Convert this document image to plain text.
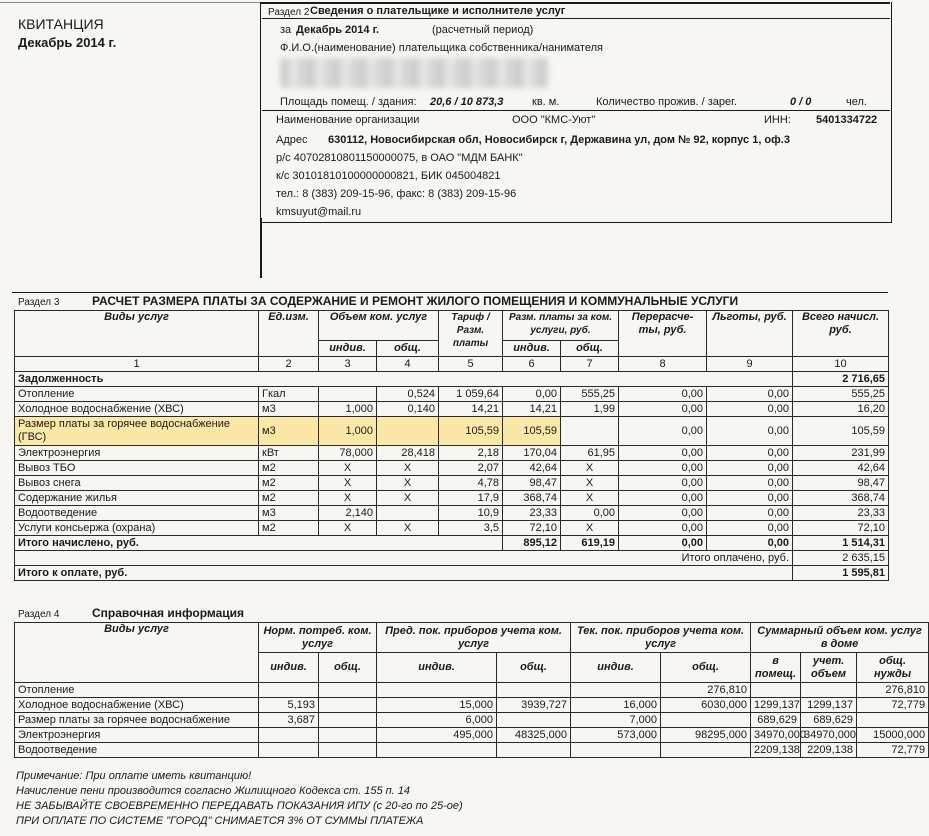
КВИТАНЦИЯ
Декабрь 2014 г.
Раздел 2 Сведения о плательщике и исполнителе услуг
за Декабрь 2014 г.	(расчетный период)
Ф.И.О.(наименование) плательщика собственника/нанимателя
Площадь помещ. / здания: 20,6 / 10 873,3	кв. м.	Количество прожив. / зарег.	0 / 0	чел.
Наименование организации	ООО "КМС-Уют"	ИНН: 5401334722
Адрес 630112, Новосибирская обл, Новосибирск г, Державина ул, дом № 92, корпус 1, оф.3
р/с 40702810801150000075, в ОАО "МДМ БАНК"
к/с 30101810100000000821, БИК 045004821
тел.: 8 (383) 209-15-96, факс: 8 (383) 209-15-96
kmsuyut@mail.ru
Раздел 3	РАСЧЕТ РАЗМЕРА ПЛАТЫ ЗА СОДЕРЖАНИЕ И РЕМОНТ ЖИЛОГО ПОМЕЩЕНИЯ И КОММУНАЛЬНЫЕ УСЛУГИ
Виды услуг	Ед.изм.	Объем ком. услуг		Тариф / Разм. платы	Разм. платы за ком. услуги, руб.		Перерасче-ты, руб.	Льготы, руб.	Всего начисл. руб.
		индив.	общ.		индив.	общ.			
1	2	3	4	5	6	7	8	9	10
Задолженность									2 716,65
Отопление	Гкал		0,524	1 059,64	0,00	555,25	0,00	0,00	555,25
Холодное водоснабжение (ХВС)	м3	1,000	0,140	14,21	14,21	1,99	0,00	0,00	16,20
Размер платы за горячее водоснабжение (ГВС)	м3	1,000		105,59	105,59		0,00	0,00	105,59
Электроэнергия	кВт	78,000	28,418	2,18	170,04	61,95	0,00	0,00	231,99
Вывоз ТБО	м2	X	X	2,07	42,64	X	0,00	0,00	42,64
Вывоз снега	м2	X	X	4,78	98,47	X	0,00	0,00	98,47
Содержание жилья	м2	X	X	17,9	368,74	X	0,00	0,00	368,74
Водоотведение	м3	2,140		10,9	23,33	0,00	0,00	0,00	23,33
Услуги консьержа (охрана)	м2	X	X	3,5	72,10	X	0,00	0,00	72,10
Итого начислено, руб.					895,12	619,19	0,00	0,00	1 514,31
Итого оплачено, руб.									2 635,15
Итого к оплате, руб.									1 595,81
Раздел 4	Справочная информация
Виды услуг	Норм. потреб. ком. услуг		Пред. пок. приборов учета ком. услуг		Тек. пок. приборов учета ком. услуг		Суммарный объем ком. услуг в доме		
	индив.	общ.	индив.	общ.	индив.	общ.	в помещ.	учет. объем	общ. нужды
Отопление						276,810			276,810
Холодное водоснабжение (ХВС)	5,193		15,000	3939,727	16,000	6030,000	1299,137	1299,137	72,779
Размер платы за горячее водоснабжение	3,687		6,000		7,000		689,629	689,629	
Электроэнергия			495,000	48325,000	573,000	98295,000	34970,000	34970,000	15000,000
Водоотведение							2209,138	2209,138	72,779
Примечание: При оплате иметь квитанцию!
Начисление пени производится согласно Жилищного Кодекса ст. 155 п. 14
НЕ ЗАБЫВАЙТЕ СВОЕВРЕМЕННО ПЕРЕДАВАТЬ ПОКАЗАНИЯ ИПУ (с 20-го по 25-ое)
ПРИ ОПЛАТЕ ПО СИСТЕМЕ "ГОРОД" СНИМАЕТСЯ 3% ОТ СУММЫ ПЛАТЕЖА
